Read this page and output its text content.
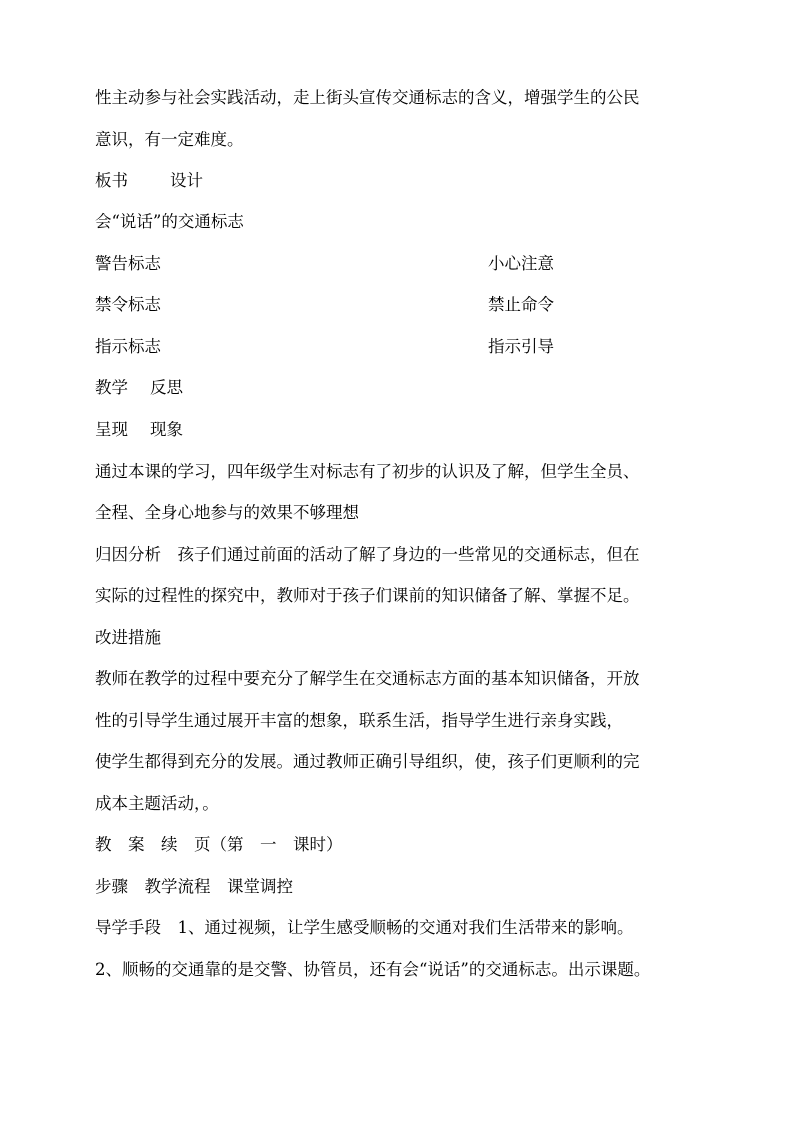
性主动参与社会实践活动，走上街头宣传交通标志的含义，增强学生的公民
意识，有一定难度。
板书	设计
会“说话”的交通标志
警告标志	小心注意
禁令标志	禁止命令
指示标志	指示引导
教学 反思
呈现 现象
通过本课的学习，四年级学生对标志有了初步的认识及了解，但学生全员、
全程、全身心地参与的效果不够理想
归因分析　孩子们通过前面的活动了解了身边的一些常见的交通标志，但在
实际的过程性的探究中，教师对于孩子们课前的知识储备了解、掌握不足。
改进措施
教师在教学的过程中要充分了解学生在交通标志方面的基本知识储备，开放
性的引导学生通过展开丰富的想象，联系生活，指导学生进行亲身实践，
使学生都得到充分的发展。通过教师正确引导组织，使，孩子们更顺利的完
成本主题活动，。
教　案　续　页（第　一　课时）
步骤　教学流程　课堂调控
导学手段　1、通过视频，让学生感受顺畅的交通对我们生活带来的影响。
2、顺畅的交通靠的是交警、协管员，还有会“说话”的交通标志。出示课题。
